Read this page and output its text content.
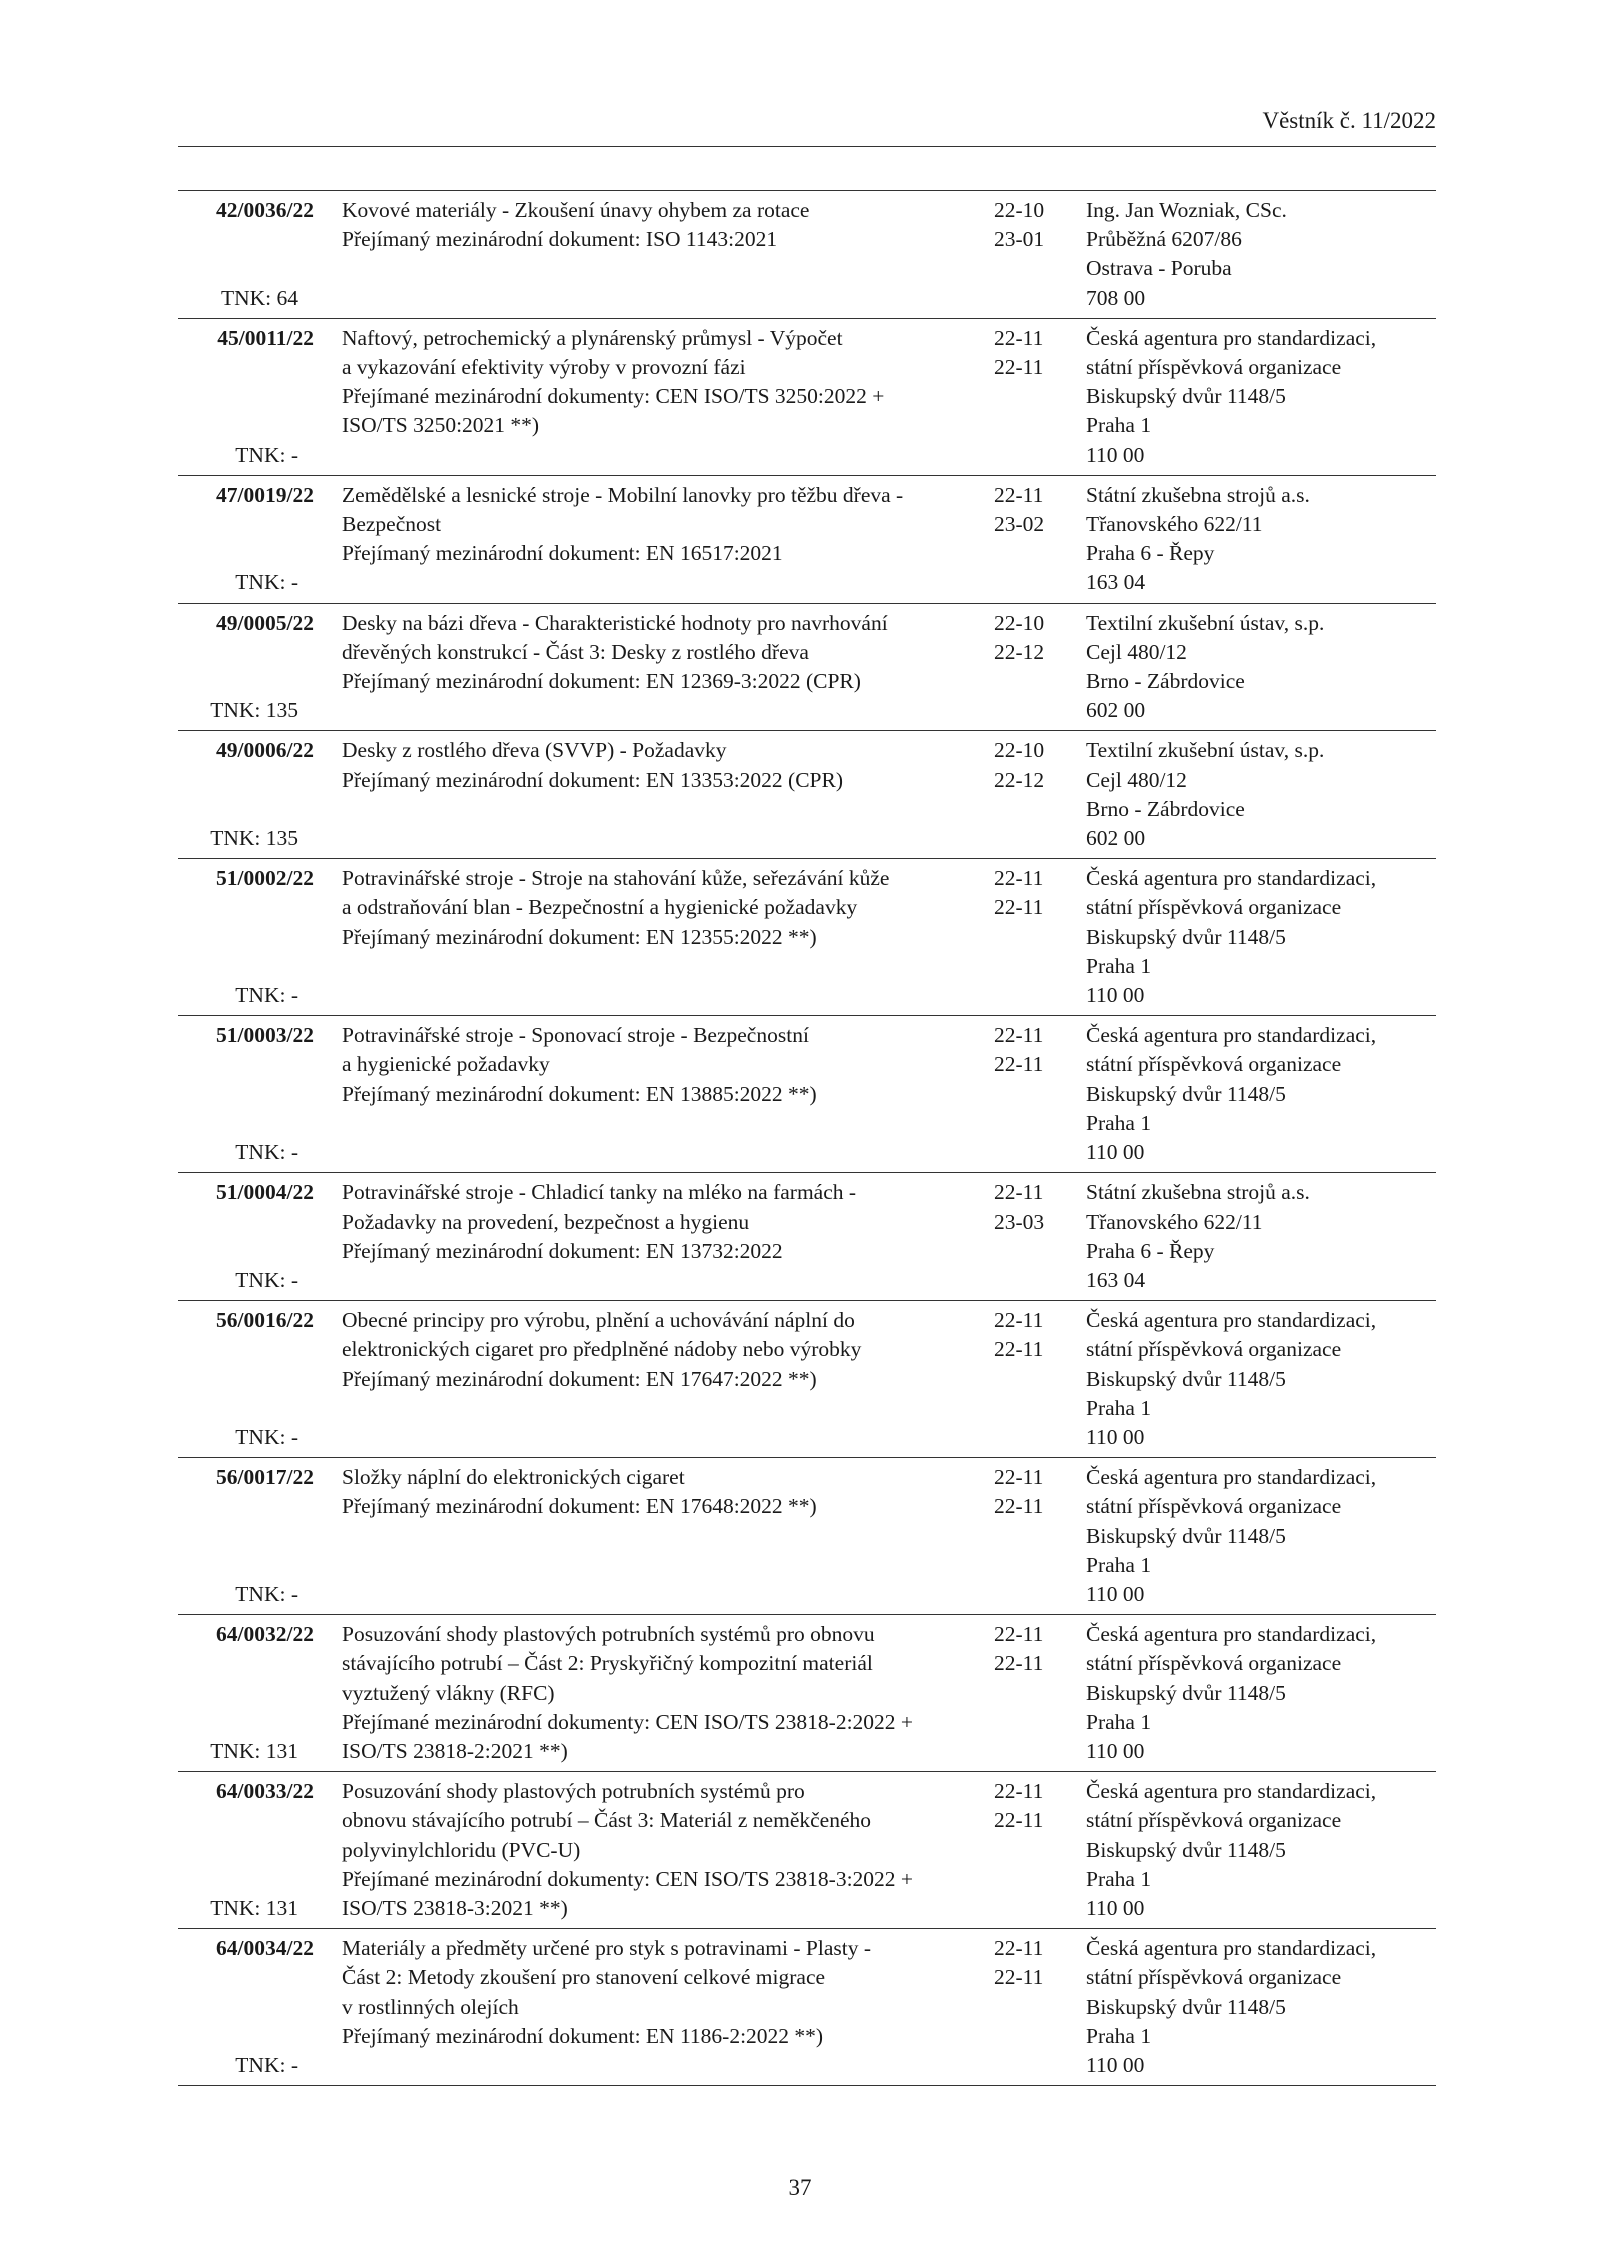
Věstník č. 11/2022
42/0036/22
TNK: 64
Kovové materiály - Zkoušení únavy ohybem za rotace
Přejímaný mezinárodní dokument: ISO 1143:2021
22-10
23-01
Ing. Jan Wozniak, CSc.
Průběžná 6207/86
Ostrava - Poruba
708 00
45/0011/22
TNK: -
Naftový, petrochemický a plynárenský průmysl - Výpočet
a vykazování efektivity výroby v provozní fázi
Přejímané mezinárodní dokumenty: CEN ISO/TS 3250:2022 +
ISO/TS 3250:2021 **)
22-11
22-11
Česká agentura pro standardizaci,
státní příspěvková organizace
Biskupský dvůr 1148/5
Praha 1
110 00
47/0019/22
TNK: -
Zemědělské a lesnické stroje - Mobilní lanovky pro těžbu dřeva -
Bezpečnost
Přejímaný mezinárodní dokument: EN 16517:2021
22-11
23-02
Státní zkušebna strojů a.s.
Třanovského 622/11
Praha 6 - Řepy
163 04
49/0005/22
TNK: 135
Desky na bázi dřeva - Charakteristické hodnoty pro navrhování
dřevěných konstrukcí - Část 3: Desky z rostlého dřeva
Přejímaný mezinárodní dokument: EN 12369-3:2022 (CPR)
22-10
22-12
Textilní zkušební ústav, s.p.
Cejl 480/12
Brno - Zábrdovice
602 00
49/0006/22
TNK: 135
Desky z rostlého dřeva (SVVP) - Požadavky
Přejímaný mezinárodní dokument: EN 13353:2022 (CPR)
22-10
22-12
Textilní zkušební ústav, s.p.
Cejl 480/12
Brno - Zábrdovice
602 00
51/0002/22
TNK: -
Potravinářské stroje - Stroje na stahování kůže, seřezávání kůže
a odstraňování blan - Bezpečnostní a hygienické požadavky
Přejímaný mezinárodní dokument: EN 12355:2022 **)
22-11
22-11
Česká agentura pro standardizaci,
státní příspěvková organizace
Biskupský dvůr 1148/5
Praha 1
110 00
51/0003/22
TNK: -
Potravinářské stroje - Sponovací stroje - Bezpečnostní
a hygienické požadavky
Přejímaný mezinárodní dokument: EN 13885:2022 **)
22-11
22-11
Česká agentura pro standardizaci,
státní příspěvková organizace
Biskupský dvůr 1148/5
Praha 1
110 00
51/0004/22
TNK: -
Potravinářské stroje - Chladicí tanky na mléko na farmách -
Požadavky na provedení, bezpečnost a hygienu
Přejímaný mezinárodní dokument: EN 13732:2022
22-11
23-03
Státní zkušebna strojů a.s.
Třanovského 622/11
Praha 6 - Řepy
163 04
56/0016/22
TNK: -
Obecné principy pro výrobu, plnění a uchovávání náplní do
elektronických cigaret pro předplněné nádoby nebo výrobky
Přejímaný mezinárodní dokument: EN 17647:2022 **)
22-11
22-11
Česká agentura pro standardizaci,
státní příspěvková organizace
Biskupský dvůr 1148/5
Praha 1
110 00
56/0017/22
TNK: -
Složky náplní do elektronických cigaret
Přejímaný mezinárodní dokument: EN 17648:2022 **)
22-11
22-11
Česká agentura pro standardizaci,
státní příspěvková organizace
Biskupský dvůr 1148/5
Praha 1
110 00
64/0032/22
TNK: 131
Posuzování shody plastových potrubních systémů pro obnovu
stávajícího potrubí – Část 2: Pryskyřičný kompozitní materiál
vyztužený vlákny (RFC)
Přejímané mezinárodní dokumenty: CEN ISO/TS 23818-2:2022 +
ISO/TS 23818-2:2021 **)
22-11
22-11
Česká agentura pro standardizaci,
státní příspěvková organizace
Biskupský dvůr 1148/5
Praha 1
110 00
64/0033/22
TNK: 131
Posuzování shody plastových potrubních systémů pro
obnovu stávajícího potrubí – Část 3: Materiál z neměkčeného
polyvinylchloridu (PVC-U)
Přejímané mezinárodní dokumenty: CEN ISO/TS 23818-3:2022 +
ISO/TS 23818-3:2021 **)
22-11
22-11
Česká agentura pro standardizaci,
státní příspěvková organizace
Biskupský dvůr 1148/5
Praha 1
110 00
64/0034/22
TNK: -
Materiály a předměty určené pro styk s potravinami - Plasty -
Část 2: Metody zkoušení pro stanovení celkové migrace
v rostlinných olejích
Přejímaný mezinárodní dokument: EN 1186-2:2022 **)
22-11
22-11
Česká agentura pro standardizaci,
státní příspěvková organizace
Biskupský dvůr 1148/5
Praha 1
110 00
37
